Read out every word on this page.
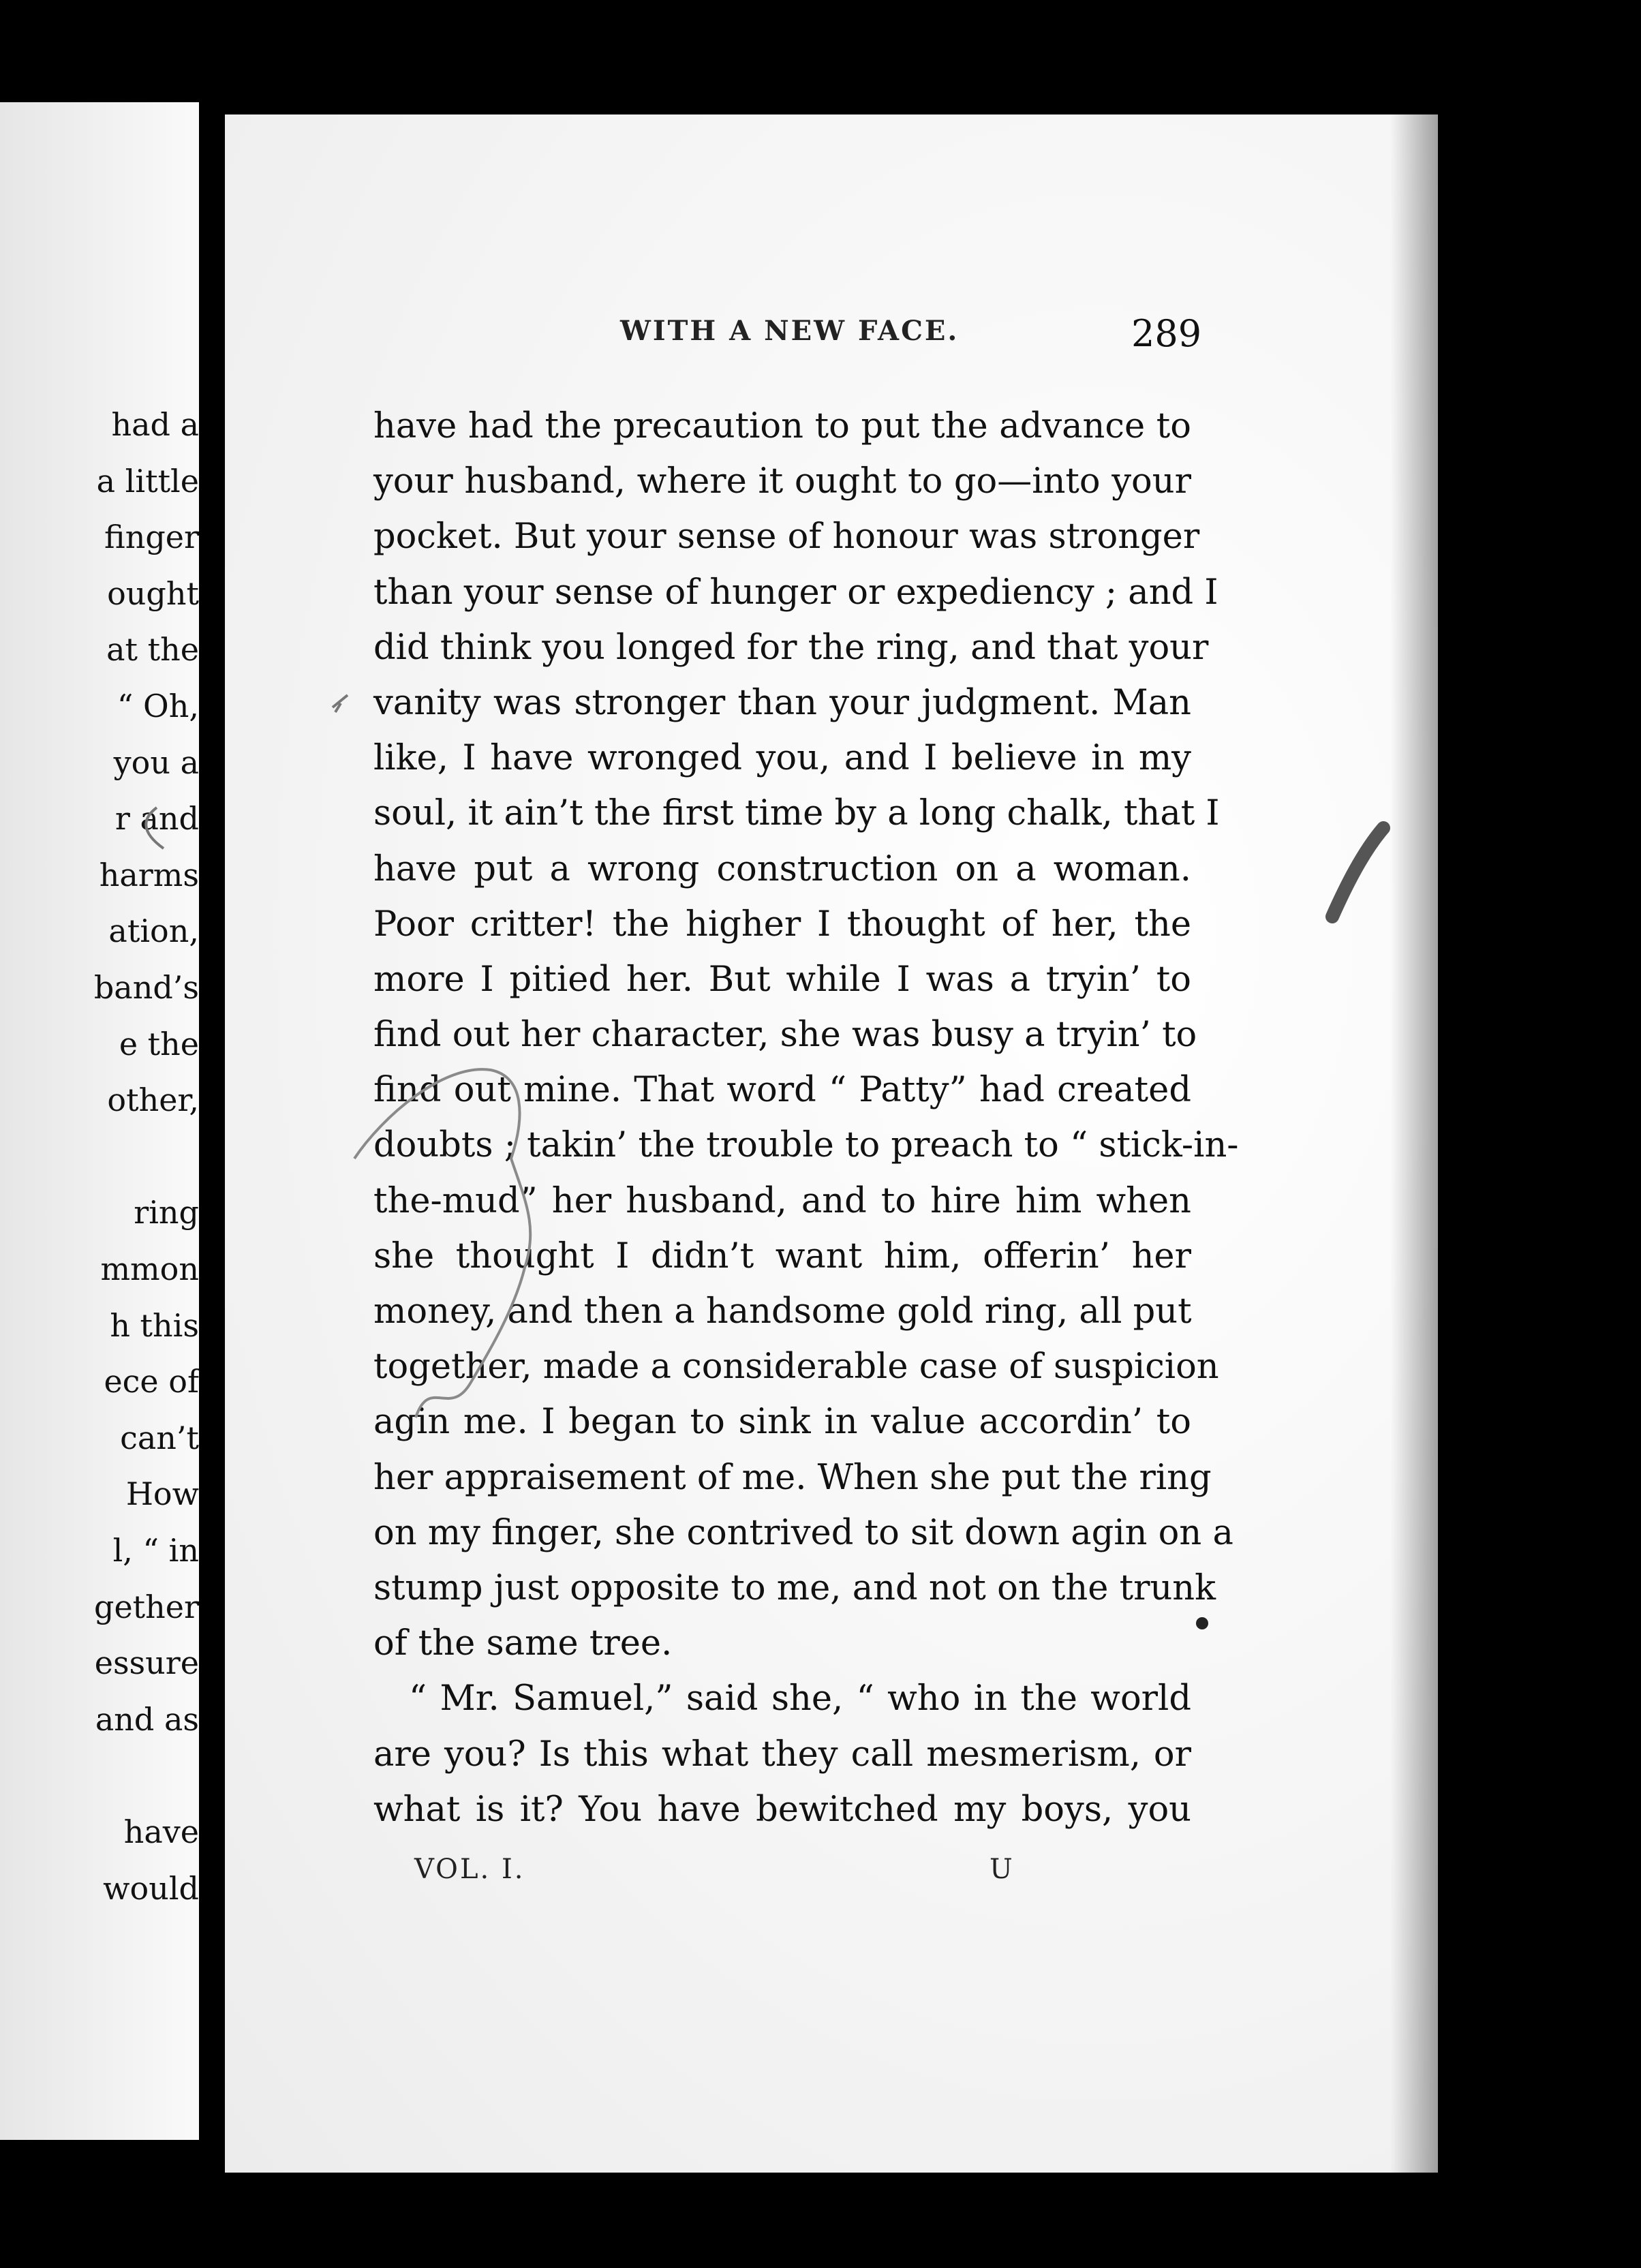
had a
a little
finger
ought
at the
“ Oh,
you a
r and
harms
ation,
band’s
e the
other,
ring
mmon
h this
ece of
can’t
How
l, “ in
gether
essure
and as
have
would
WITH A NEW FACE.	289
have had the precaution to put the advance to
your husband, where it ought to go—into your
pocket. But your sense of honour was stronger
than your sense of hunger or expediency ; and I
did think you longed for the ring, and that your
vanity was stronger than your judgment. Man
like, I have wronged you, and I believe in my
soul, it ain’t the first time by a long chalk, that I
have put a wrong construction on a woman.
Poor critter! the higher I thought of her, the
more I pitied her. But while I was a tryin’ to
find out her character, she was busy a tryin’ to
find out mine. That word “ Patty” had created
doubts ; takin’ the trouble to preach to “ stick-in-
the-mud” her husband, and to hire him when
she thought I didn’t want him, offerin’ her
money, and then a handsome gold ring, all put
together, made a considerable case of suspicion
agin me. I began to sink in value accordin’ to
her appraisement of me. When she put the ring
on my finger, she contrived to sit down agin on a
stump just opposite to me, and not on the trunk
of the same tree.
“ Mr. Samuel,” said she, “ who in the world
are you? Is this what they call mesmerism, or
what is it? You have bewitched my boys, you
VOL. I.	U
